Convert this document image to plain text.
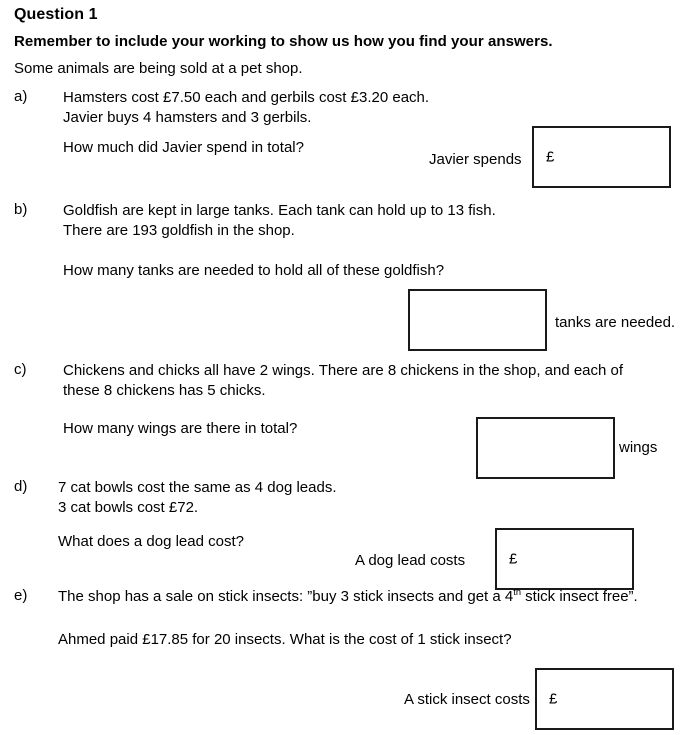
Question 1
Remember to include your working to show us how you find your answers.
Some animals are being sold at a pet shop.
a) Hamsters cost £7.50 each and gerbils cost £3.20 each.
Javier buys 4 hamsters and 3 gerbils.
How much did Javier spend in total?
Javier spends £
b) Goldfish are kept in large tanks. Each tank can hold up to 13 fish.
There are 193 goldfish in the shop.
How many tanks are needed to hold all of these goldfish?
tanks are needed.
c) Chickens and chicks all have 2 wings. There are 8 chickens in the shop, and each of
these 8 chickens has 5 chicks.
How many wings are there in total?
wings
d) 7 cat bowls cost the same as 4 dog leads.
3 cat bowls cost £72.
What does a dog lead cost?
A dog lead costs	£
e) The shop has a sale on stick insects: ”buy 3 stick insects and get a 4th stick insect free”.
Ahmed paid £17.85 for 20 insects. What is the cost of 1 stick insect?
A stick insect costs £
